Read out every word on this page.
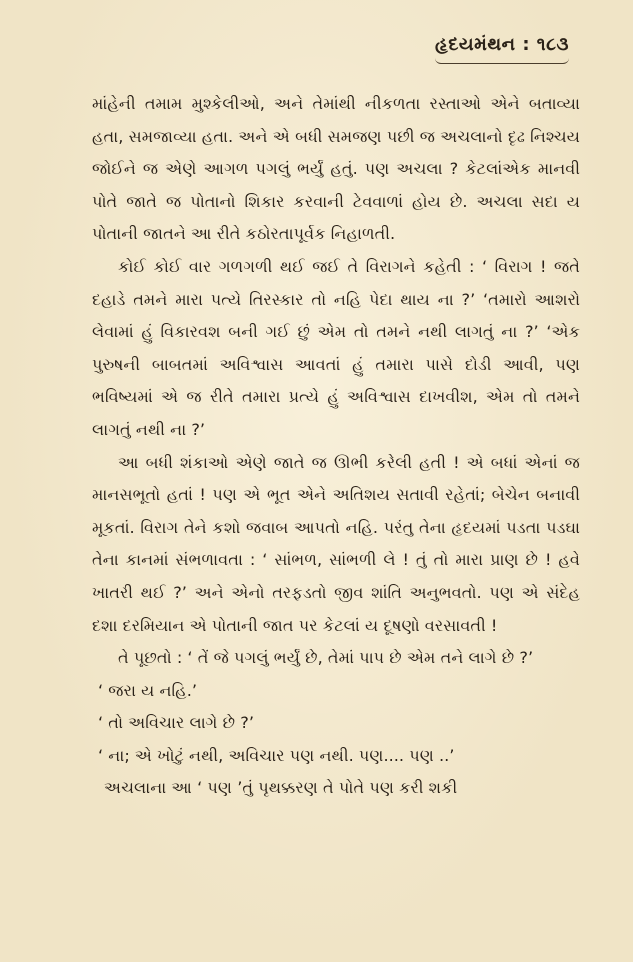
હૃદયમંથન : ૧૮૩

માંહેની તમામ મુશ્કેલીઓ, અને તેમાંથી નીકળતા રસ્તાઓ એને બતાવ્યા હતા, સમજાવ્યા હતા. અને એ બધી સમજણ પછી જ અચલાનો દૃઢ નિશ્ચય જોઈને જ એણે આગળ પગલું ભર્યું હતું. પણ અચલા ? કેટલાંએક માનવી પોતે જાતે જ પોતાનો શિકાર કરવાની ટેવવાળાં હોય છે. અચલા સદા ય પોતાની જાતને આ રીતે કઠોરતાપૂર્વક નિહાળતી.

કોઈ કોઈ વાર ગળગળી થઈ જઈ તે વિરાગને કહેતી : ‘ વિરાગ ! જતે દહાડે તમને મારા પત્યે તિરસ્કાર તો નહિ પેદા થાય ના ?’ ‘તમારો આશરો લેવામાં હું વિકારવશ બની ગઈ છું એમ તો તમને નથી લાગતું ના ?’ ‘એક પુરુષની બાબતમાં અવિશ્વાસ આવતાં હું તમારા પાસે દોડી આવી, પણ ભવિષ્યમાં એ જ રીતે તમારા પ્રત્યે હું અવિશ્વાસ દાખવીશ, એમ તો તમને લાગતું નથી ના ?’

આ બધી શંકાઓ એણે જાતે જ ઊભી કરેલી હતી ! એ બધાં એનાં જ માનસભૂતો હતાં ! પણ એ ભૂત એને અતિશય સતાવી રહેતાં; બેચેન બનાવી મૂકતાં. વિરાગ તેને કશો જવાબ આપતો નહિ. પરંતુ તેના હૃદયમાં પડતા પડઘા તેના કાનમાં સંભળાવતા : ‘ સાંભળ, સાંભળી લે ! તું તો મારા પ્રાણ છે ! હવે ખાતરી થઈ ?’ અને એનો તરફડતો જીવ શાંતિ અનુભવતો. પણ એ સંદેહ દશા દરમિયાન એ પોતાની જાત પર કેટલાં ય દૂષણો વરસાવતી !

તે પૂછતો : ‘ તેં જે પગલું ભર્યું છે, તેમાં પાપ છે એમ તને લાગે છે ?’

‘ જરા ય નહિ.’

‘ તો અવિચાર લાગે છે ?’

‘ ના; એ ખોટું નથી, અવિચાર પણ નથી. પણ.... પણ ..’

અચલાના આ ‘ પણ ’તું પૃથક્કરણ તે પોતે પણ કરી શકી
